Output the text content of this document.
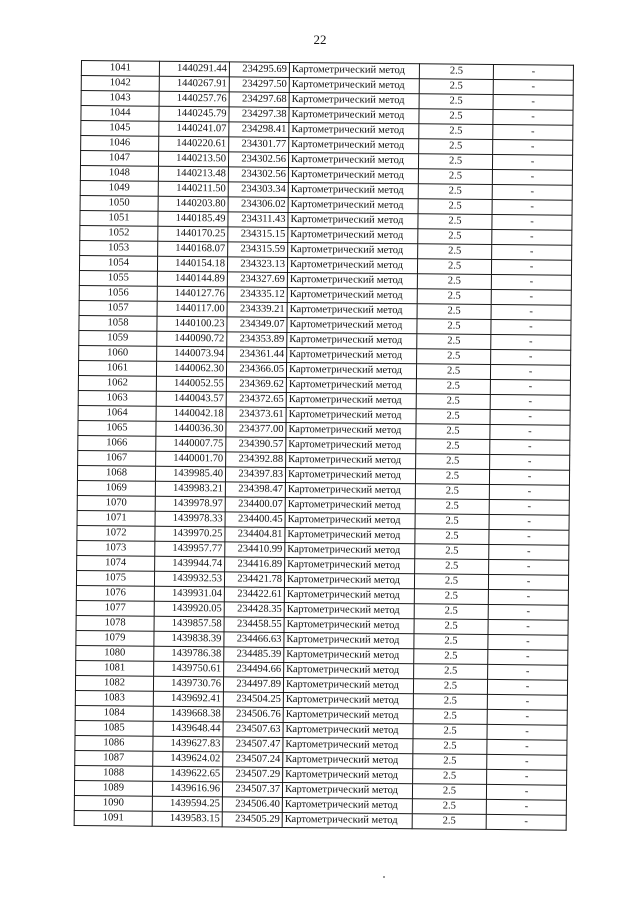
22
1041	1440291.44	234295.69	Картометрический метод	2.5	-
1042	1440267.91	234297.50	Картометрический метод	2.5	-
1043	1440257.76	234297.68	Картометрический метод	2.5	-
1044	1440245.79	234297.38	Картометрический метод	2.5	-
1045	1440241.07	234298.41	Картометрический метод	2.5	-
1046	1440220.61	234301.77	Картометрический метод	2.5	-
1047	1440213.50	234302.56	Картометрический метод	2.5	-
1048	1440213.48	234302.56	Картометрический метод	2.5	-
1049	1440211.50	234303.34	Картометрический метод	2.5	-
1050	1440203.80	234306.02	Картометрический метод	2.5	-
1051	1440185.49	234311.43	Картометрический метод	2.5	-
1052	1440170.25	234315.15	Картометрический метод	2.5	-
1053	1440168.07	234315.59	Картометрический метод	2.5	-
1054	1440154.18	234323.13	Картометрический метод	2.5	-
1055	1440144.89	234327.69	Картометрический метод	2.5	-
1056	1440127.76	234335.12	Картометрический метод	2.5	-
1057	1440117.00	234339.21	Картометрический метод	2.5	-
1058	1440100.23	234349.07	Картометрический метод	2.5	-
1059	1440090.72	234353.89	Картометрический метод	2.5	-
1060	1440073.94	234361.44	Картометрический метод	2.5	-
1061	1440062.30	234366.05	Картометрический метод	2.5	-
1062	1440052.55	234369.62	Картометрический метод	2.5	-
1063	1440043.57	234372.65	Картометрический метод	2.5	-
1064	1440042.18	234373.61	Картометрический метод	2.5	-
1065	1440036.30	234377.00	Картометрический метод	2.5	-
1066	1440007.75	234390.57	Картометрический метод	2.5	-
1067	1440001.70	234392.88	Картометрический метод	2.5	-
1068	1439985.40	234397.83	Картометрический метод	2.5	-
1069	1439983.21	234398.47	Картометрический метод	2.5	-
1070	1439978.97	234400.07	Картометрический метод	2.5	-
1071	1439978.33	234400.45	Картометрический метод	2.5	-
1072	1439970.25	234404.81	Картометрический метод	2.5	-
1073	1439957.77	234410.99	Картометрический метод	2.5	-
1074	1439944.74	234416.89	Картометрический метод	2.5	-
1075	1439932.53	234421.78	Картометрический метод	2.5	-
1076	1439931.04	234422.61	Картометрический метод	2.5	-
1077	1439920.05	234428.35	Картометрический метод	2.5	-
1078	1439857.58	234458.55	Картометрический метод	2.5	-
1079	1439838.39	234466.63	Картометрический метод	2.5	-
1080	1439786.38	234485.39	Картометрический метод	2.5	-
1081	1439750.61	234494.66	Картометрический метод	2.5	-
1082	1439730.76	234497.89	Картометрический метод	2.5	-
1083	1439692.41	234504.25	Картометрический метод	2.5	-
1084	1439668.38	234506.76	Картометрический метод	2.5	-
1085	1439648.44	234507.63	Картометрический метод	2.5	-
1086	1439627.83	234507.47	Картометрический метод	2.5	-
1087	1439624.02	234507.24	Картометрический метод	2.5	-
1088	1439622.65	234507.29	Картометрический метод	2.5	-
1089	1439616.96	234507.37	Картометрический метод	2.5	-
1090	1439594.25	234506.40	Картометрический метод	2.5	-
1091	1439583.15	234505.29	Картометрический метод	2.5	-
